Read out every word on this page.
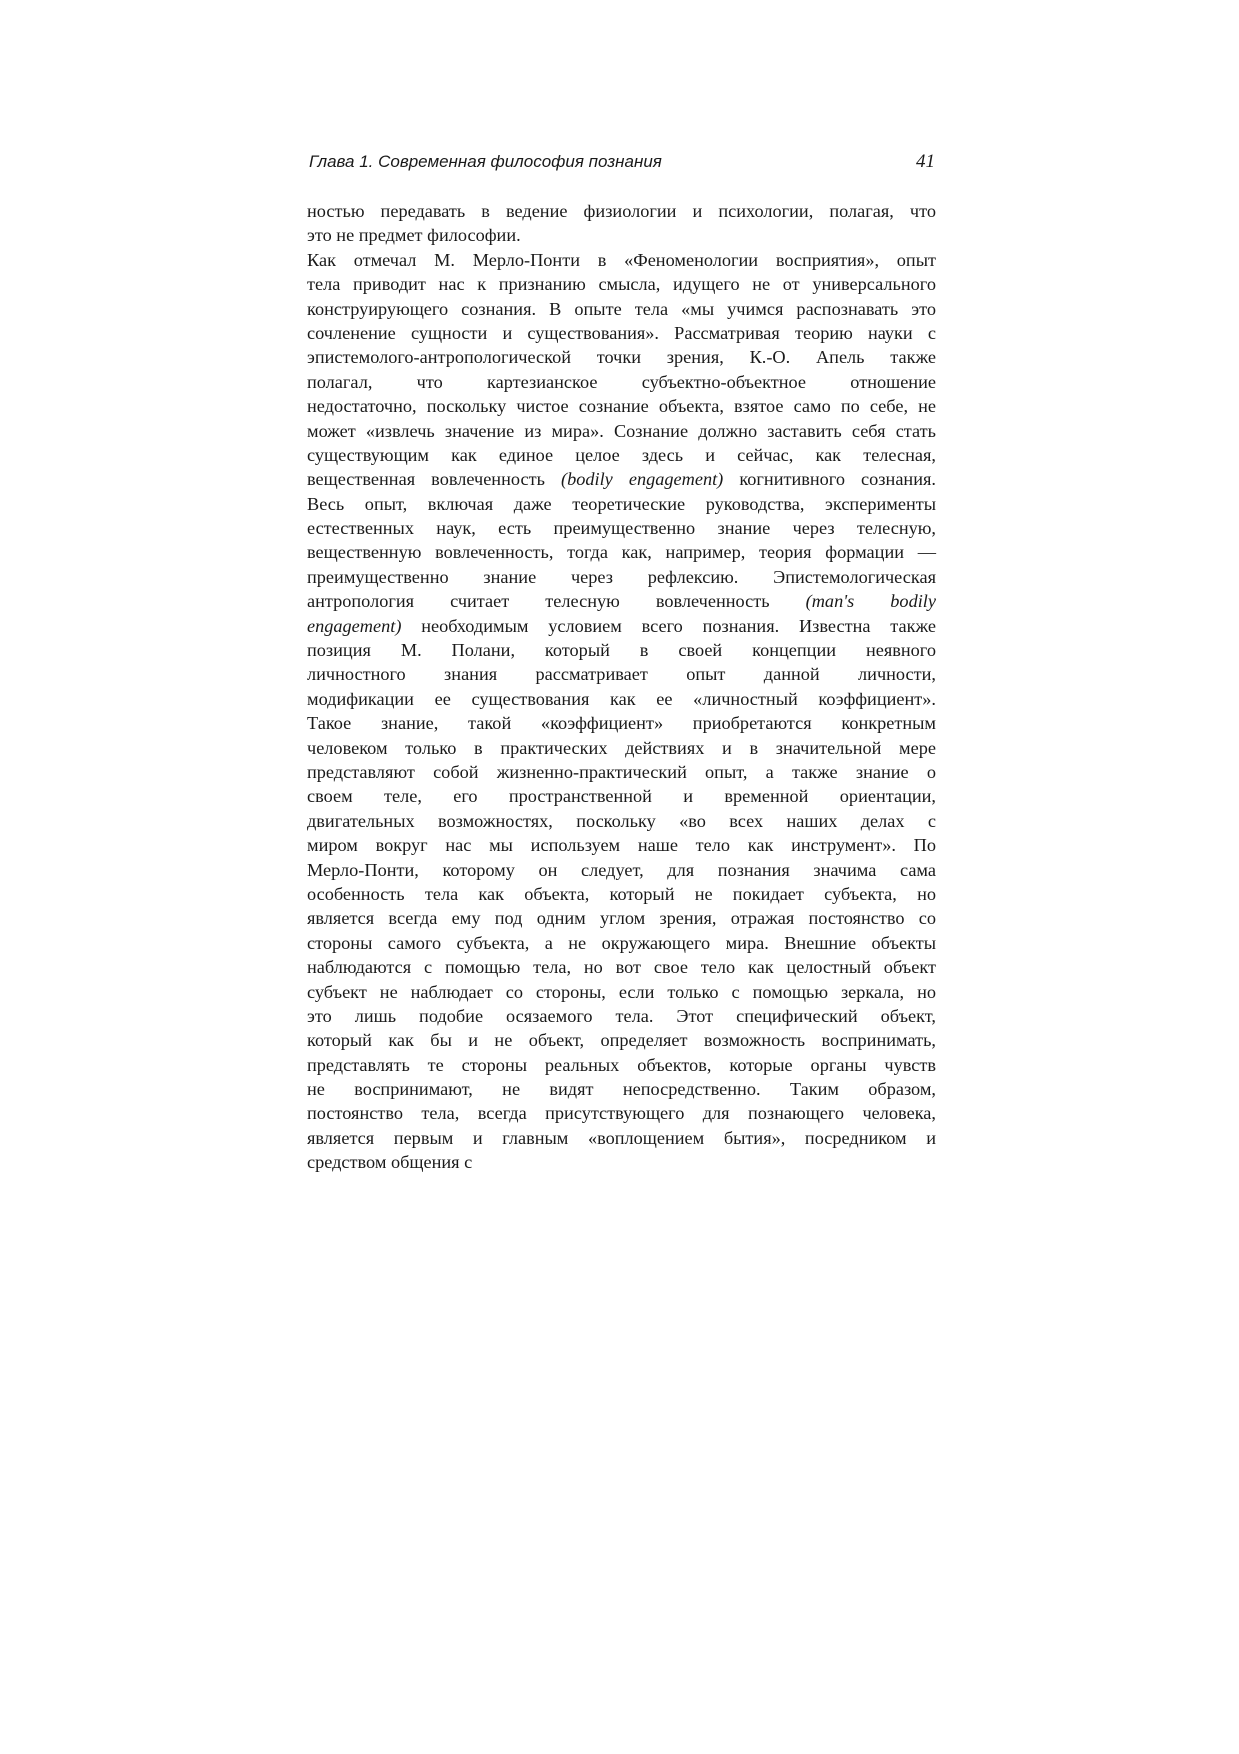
Глава 1. Современная философия познания	41
ностью передавать в ведение физиологии и психологии, полагая, что
это не предмет философии.
Как отмечал М. Мерло-Понти в «Феноменологии восприятия», опыт
тела приводит нас к признанию смысла, идущего не от универсального
конструирующего сознания. В опыте тела «мы учимся распознавать это
сочленение сущности и существования». Рассматривая теорию науки с
эпистемолого-антропологической точки зрения, К.-О. Апель также
полагал, что картезианское субъектно-объектное отношение
недостаточно, поскольку чистое сознание объекта, взятое само по себе, не
может «извлечь значение из мира». Сознание должно заставить себя стать
существующим как единое целое здесь и сейчас, как телесная,
вещественная вовлеченность (bodily engagement) когнитивного сознания.
Весь опыт, включая даже теоретические руководства, эксперименты
естественных наук, есть преимущественно знание через телесную,
вещественную вовлеченность, тогда как, например, теория формации —
преимущественно знание через рефлексию. Эпистемологическая
антропология считает телесную вовлеченность (man's bodily
engagement) необходимым условием всего познания. Известна также
позиция М. Полани, который в своей концепции неявного
личностного знания рассматривает опыт данной личности,
модификации ее существования как ее «личностный коэффициент».
Такое знание, такой «коэффициент» приобретаются конкретным
человеком только в практических действиях и в значительной мере
представляют собой жизненно-практический опыт, а также знание о
своем теле, его пространственной и временной ориентации,
двигательных возможностях, поскольку «во всех наших делах с
миром вокруг нас мы используем наше тело как инструмент». По
Мерло-Понти, которому он следует, для познания значима сама
особенность тела как объекта, который не покидает субъекта, но
является всегда ему под одним углом зрения, отражая постоянство со
стороны самого субъекта, а не окружающего мира. Внешние объекты
наблюдаются с помощью тела, но вот свое тело как целостный объект
субъект не наблюдает со стороны, если только с помощью зеркала, но
это лишь подобие осязаемого тела. Этот специфический объект,
который как бы и не объект, определяет возможность воспринимать,
представлять те стороны реальных объектов, которые органы чувств
не воспринимают, не видят непосредственно. Таким образом,
постоянство тела, всегда присутствующего для познающего человека,
является первым и главным «воплощением бытия», посредником и
средством общения с
